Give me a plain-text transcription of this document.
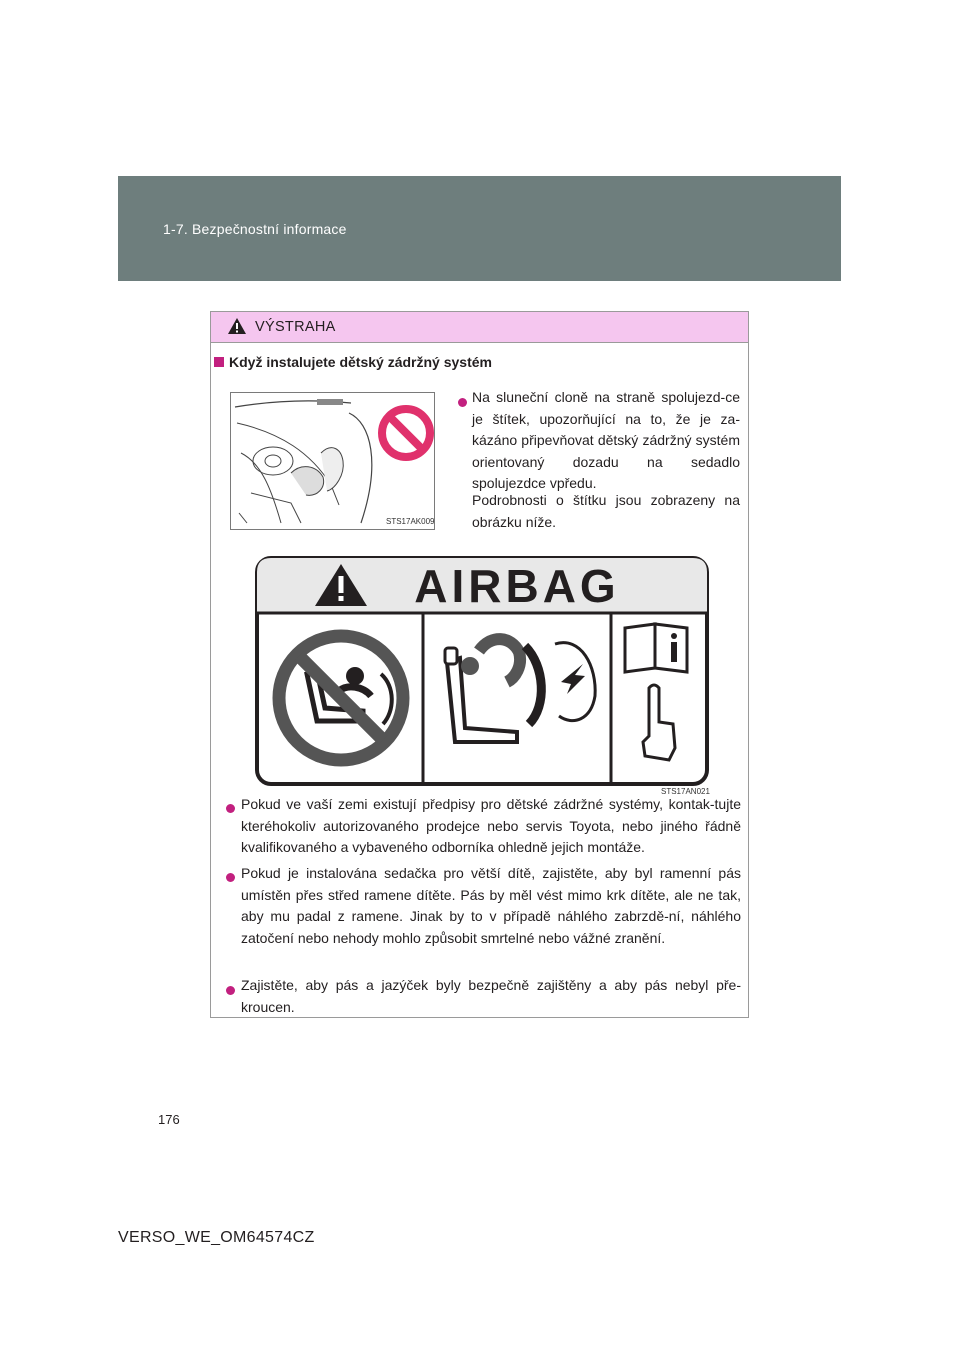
1-7. Bezpečnostní informace
VÝSTRAHA
Když instalujete dětský zádržný systém
STS17AK009
Na sluneční cloně na straně spolujezd-ce je štítek, upozorňující na to, že je za-kázáno připevňovat dětský zádržný systém orientovaný dozadu na sedadlo spolujezdce vpředu.
Podrobnosti o štítku jsou zobrazeny na obrázku níže.
AIRBAG
STS17AN021
Pokud ve vaší zemi existují předpisy pro dětské zádržné systémy, kontak-tujte kteréhokoliv autorizovaného prodejce nebo servis Toyota, nebo jiného řádně kvalifikovaného a vybaveného odborníka ohledně jejich montáže.
Pokud je instalována sedačka pro větší dítě, zajistěte, aby byl ramenní pás umístěn přes střed ramene dítěte. Pás by měl vést mimo krk dítěte, ale ne tak, aby mu padal z ramene. Jinak by to v případě náhlého zabrzdě-ní, náhlého zatočení nebo nehody mohlo způsobit smrtelné nebo vážné zranění.
Zajistěte, aby pás a jazýček byly bezpečně zajištěny a aby pás nebyl pře-kroucen.
176
VERSO_WE_OM64574CZ
